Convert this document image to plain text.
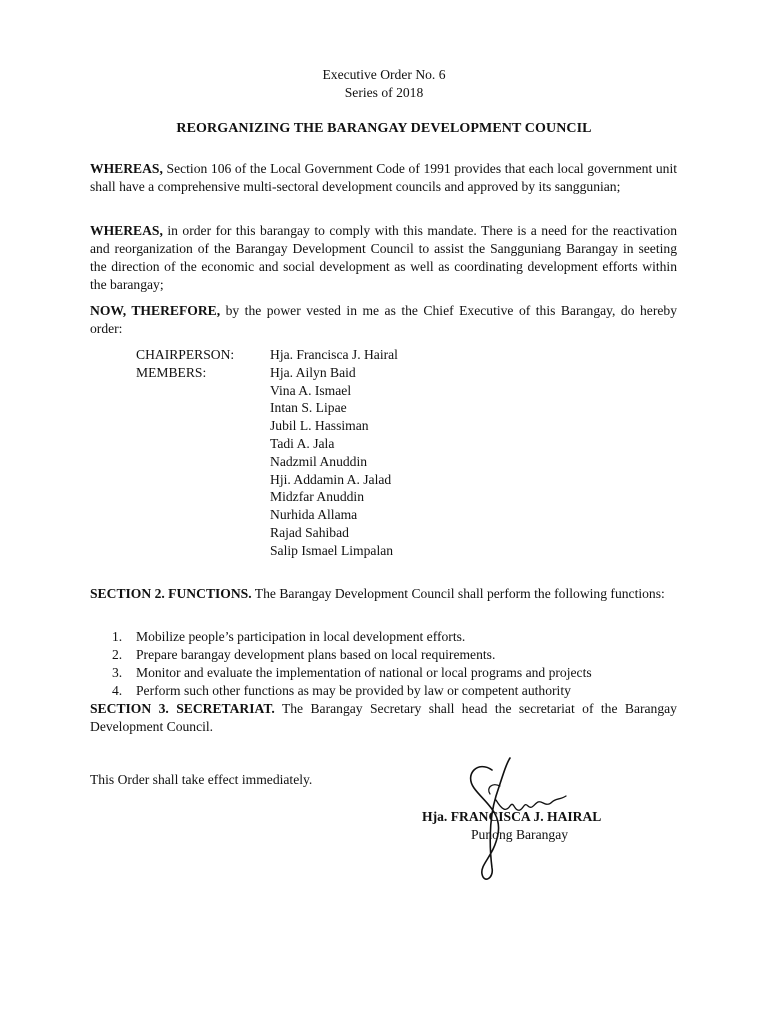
Executive Order No. 6
Series of 2018
REORGANIZING THE BARANGAY DEVELOPMENT COUNCIL

WHEREAS, Section 106 of the Local Government Code of 1991 provides that each local government unit shall have a comprehensive multi-sectoral development councils and approved by its sanggunian;

WHEREAS, in order for this barangay to comply with this mandate. There is a need for the reactivation and reorganization of the Barangay Development Council to assist the Sangguniang Barangay in seeting the direction of the economic and social development as well as coordinating development efforts within the barangay;

NOW, THEREFORE, by the power vested in me as the Chief Executive of this Barangay, do hereby order:

CHAIRPERSON:	Hja. Francisca J. Hairal
MEMBERS:	Hja. Ailyn Baid
Vina A. Ismael
Intan S. Lipae
Jubil L. Hassiman
Tadi A. Jala
Nadzmil Anuddin
Hji. Addamin A. Jalad
Midzfar Anuddin
Nurhida Allama
Rajad Sahibad
Salip Ismael Limpalan

SECTION 2. FUNCTIONS. The Barangay Development Council shall perform the following functions:

1.	Mobilize people’s participation in local development efforts.
2.	Prepare barangay development plans based on local requirements.
3.	Monitor and evaluate the implementation of national or local programs and projects
4.	Perform such other functions as may be provided by law or competent authority

SECTION 3. SECRETARIAT. The Barangay Secretary shall head the secretariat of the Barangay Development Council.

This Order shall take effect immediately.
Hja. FRANCISCA J. HAIRAL
Punong Barangay
